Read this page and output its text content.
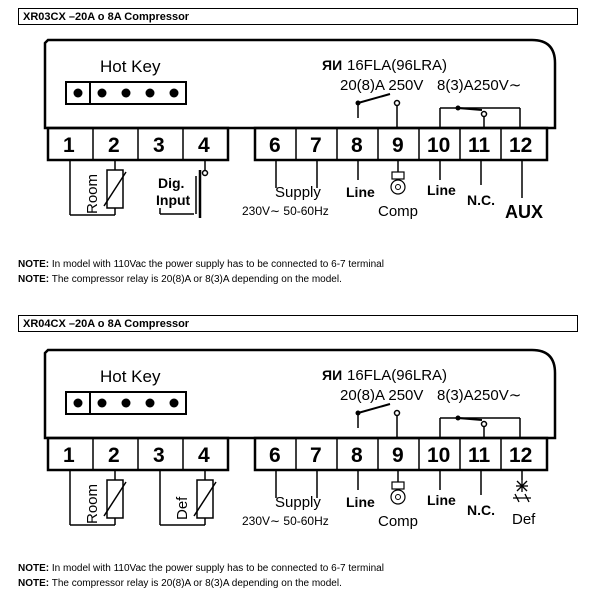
XR03CX –20A o 8A Compressor
Hot Key	ЯИ 16FLA(96LRA)
20(8)A 250V 8(3)A250V∼
1 2 3 4	6 7 8 9 10 11 12
Room	Dig.
Input	Supply
230V∼ 50-60Hz
Line
Comp
Line
N.C.
AUX
NOTE: In model with 110Vac the power supply has to be connected to 6-7 terminal
NOTE: The compressor relay is 20(8)A or 8(3)A depending on the model.
XR04CX –20A o 8A Compressor
Hot Key	ЯИ 16FLA(96LRA)
20(8)A 250V 8(3)A250V∼
1 2 3 4	6 7 8 9 10 11 12
Room	Def	Supply
230V∼ 50-60Hz
Line
Comp
Line
N.C.
Def
NOTE: In model with 110Vac the power supply has to be connected to 6-7 terminal
NOTE: The compressor relay is 20(8)A or 8(3)A depending on the model.
